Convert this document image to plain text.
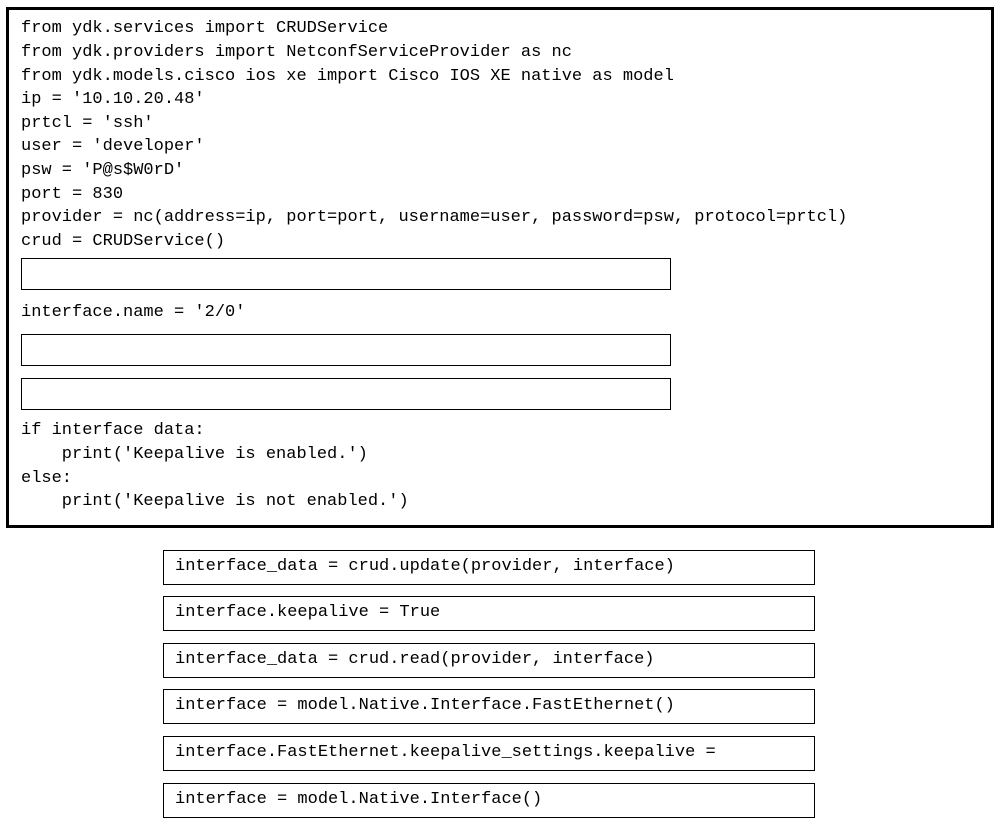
from ydk.services import CRUDService
from ydk.providers import NetconfServiceProvider as nc
from ydk.models.cisco ios xe import Cisco IOS XE native as model
ip = '10.10.20.48'
prtcl = 'ssh'
user = 'developer'
psw = 'P@s$W0rD'
port = 830
provider = nc(address=ip, port=port, username=user, password=psw, protocol=prtcl)
crud = CRUDService()
interface.name = '2/0'
if interface data:
print('Keepalive is enabled.')
else:
print('Keepalive is not enabled.')
interface_data = crud.update(provider, interface)
interface.keepalive = True
interface_data = crud.read(provider, interface)
interface = model.Native.Interface.FastEthernet()
interface.FastEthernet.keepalive_settings.keepalive =
interface = model.Native.Interface()
